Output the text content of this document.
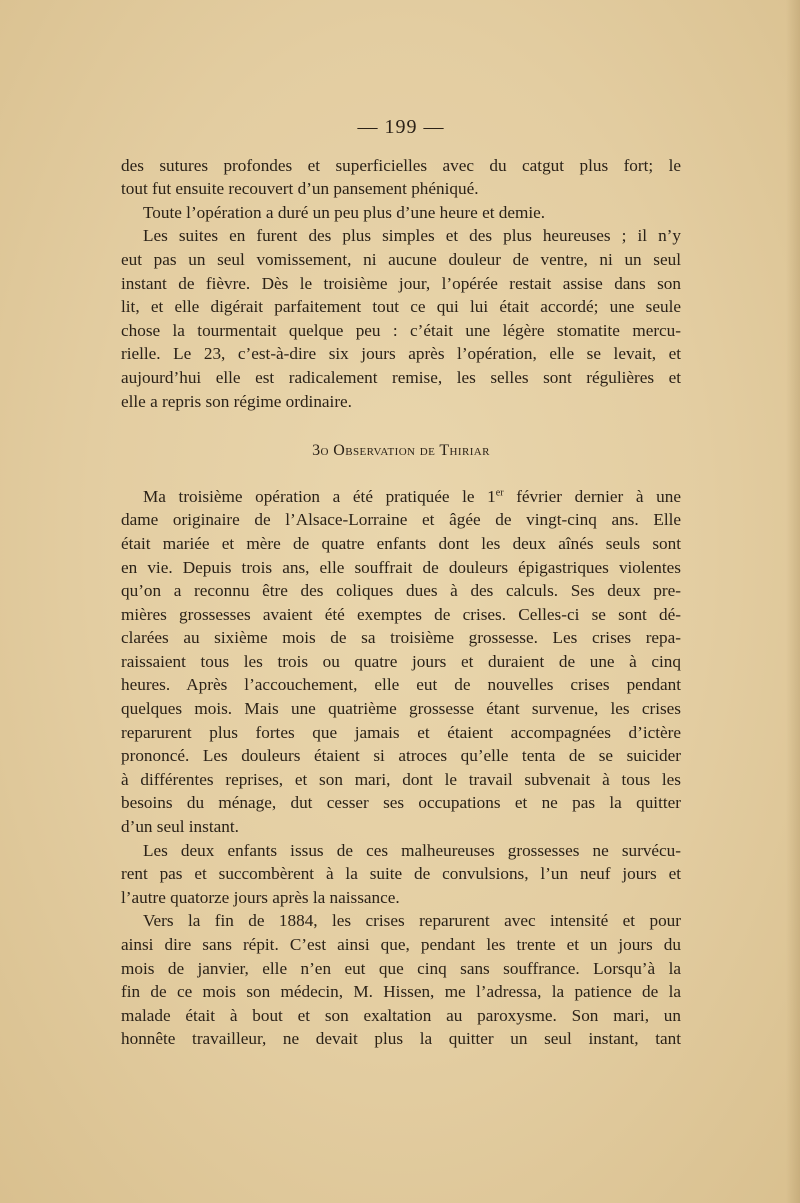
— 199 —
des sutures profondes et superficielles avec du catgut plus fort; le
tout fut ensuite recouvert d’un pansement phéniqué.
Toute l’opération a duré un peu plus d’une heure et demie.
Les suites en furent des plus simples et des plus heureuses ; il n’y
eut pas un seul vomissement, ni aucune douleur de ventre, ni un seul
instant de fièvre. Dès le troisième jour, l’opérée restait assise dans son
lit, et elle digérait parfaitement tout ce qui lui était accordé; une seule
chose la tourmentait quelque peu : c’était une légère stomatite mercu-
rielle. Le 23, c’est-à-dire six jours après l’opération, elle se levait, et
aujourd’hui elle est radicalement remise, les selles sont régulières et
elle a repris son régime ordinaire.
3o Observation de Thiriar
Ma troisième opération a été pratiquée le 1er février dernier à une
dame originaire de l’Alsace-Lorraine et âgée de vingt-cinq ans. Elle
était mariée et mère de quatre enfants dont les deux aînés seuls sont
en vie. Depuis trois ans, elle souffrait de douleurs épigastriques violentes
qu’on a reconnu être des coliques dues à des calculs. Ses deux pre-
mières grossesses avaient été exemptes de crises. Celles-ci se sont dé-
clarées au sixième mois de sa troisième grossesse. Les crises repa-
raissaient tous les trois ou quatre jours et duraient de une à cinq
heures. Après l’accouchement, elle eut de nouvelles crises pendant
quelques mois. Mais une quatrième grossesse étant survenue, les crises
reparurent plus fortes que jamais et étaient accompagnées d’ictère
prononcé. Les douleurs étaient si atroces qu’elle tenta de se suicider
à différentes reprises, et son mari, dont le travail subvenait à tous les
besoins du ménage, dut cesser ses occupations et ne pas la quitter
d’un seul instant.
Les deux enfants issus de ces malheureuses grossesses ne survécu-
rent pas et succombèrent à la suite de convulsions, l’un neuf jours et
l’autre quatorze jours après la naissance.
Vers la fin de 1884, les crises reparurent avec intensité et pour
ainsi dire sans répit. C’est ainsi que, pendant les trente et un jours du
mois de janvier, elle n’en eut que cinq sans souffrance. Lorsqu’à la
fin de ce mois son médecin, M. Hissen, me l’adressa, la patience de la
malade était à bout et son exaltation au paroxysme. Son mari, un
honnête travailleur, ne devait plus la quitter un seul instant, tant
